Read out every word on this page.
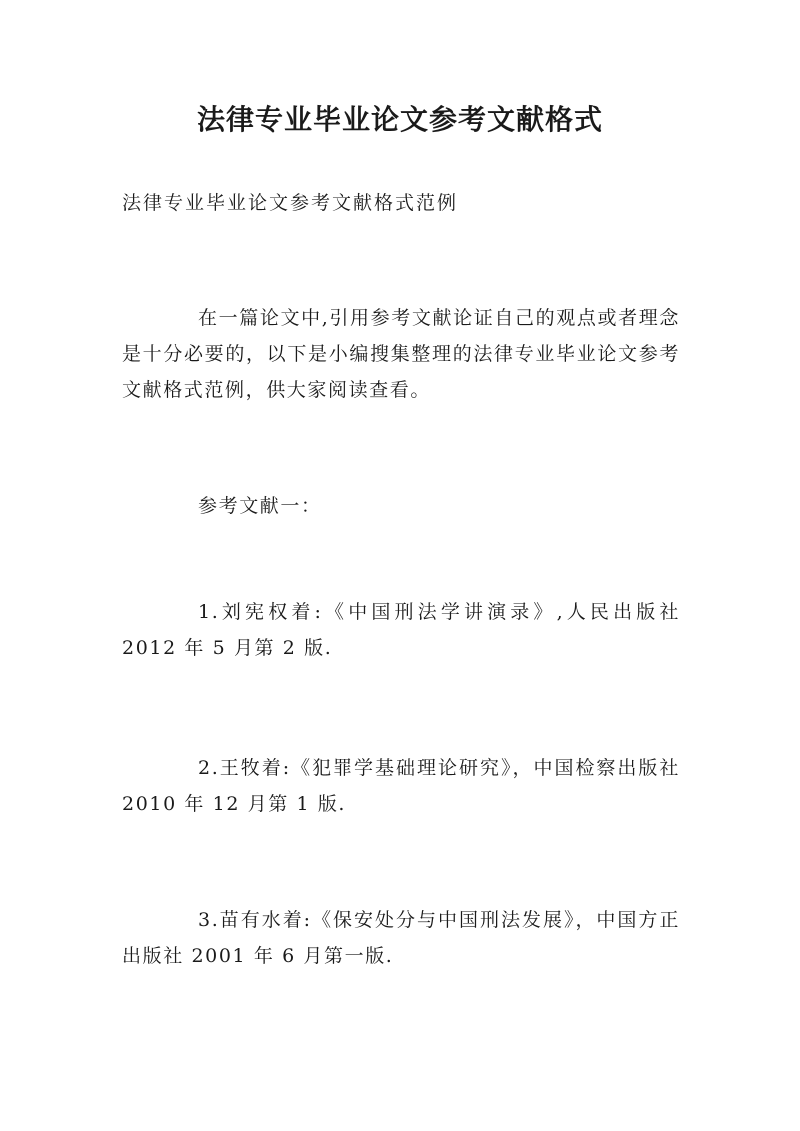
法律专业毕业论文参考文献格式

法律专业毕业论文参考文献格式范例

在一篇论文中,引用参考文献论证自己的观点或者理念是十分必要的，以下是小编搜集整理的法律专业毕业论文参考文献格式范例，供大家阅读查看。

参考文献一：

1.刘宪权着:《中国刑法学讲演录》,人民出版社 2012 年 5 月第 2 版.

2.王牧着:《犯罪学基础理论研究》，中国检察出版社 2010 年 12 月第 1 版.

3.苗有水着:《保安处分与中国刑法发展》，中国方正出版社 2001 年 6 月第一版.
